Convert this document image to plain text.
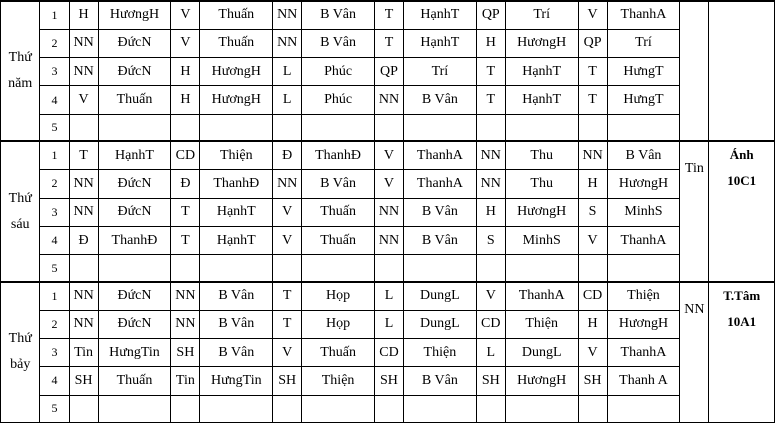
Thứ
năm	1	H	HươngH	V	Thuấn	NN	B Vân	T	HạnhT	QP	Trí	V	ThanhA	

	2	NN	ĐứcN	V	Thuấn	NN	B Vân	T	HạnhT	H	HươngH	QP	Trí		
	3	NN	ĐứcN	H	HươngH	L	Phúc	QP	Trí	T	HạnhT	T	HưngT		
	4	V	Thuấn	H	HươngH	L	Phúc	NN	B Vân	T	HạnhT	T	HưngT		
	5														

Thứ
sáu	1	T	HạnhT	CD	Thiện	Đ	ThanhĐ	V	ThanhA	NN	Thu	NN	B Vân	Tin	Ánh
10C1

	2	NN	ĐứcN	Đ	ThanhĐ	NN	B Vân	V	ThanhA	NN	Thu	H	HươngH		
	3	NN	ĐứcN	T	HạnhT	V	Thuấn	NN	B Vân	H	HươngH	S	MinhS		
	4	Đ	ThanhĐ	T	HạnhT	V	Thuấn	NN	B Vân	S	MinhS	V	ThanhA		
	5														

Thứ
bảy	1	NN	ĐứcN	NN	B Vân	T	Họp	L	DungL	V	ThanhA	CD	Thiện	NN	T.Tâm
10A1

	2	NN	ĐứcN	NN	B Vân	T	Họp	L	DungL	CD	Thiện	H	HươngH		
	3	Tin	HưngTin	SH	B Vân	V	Thuấn	CD	Thiện	L	DungL	V	ThanhA		
	4	SH	Thuấn	Tin	HưngTin	SH	Thiện	SH	B Vân	SH	HươngH	SH	Thanh A		
	5														
